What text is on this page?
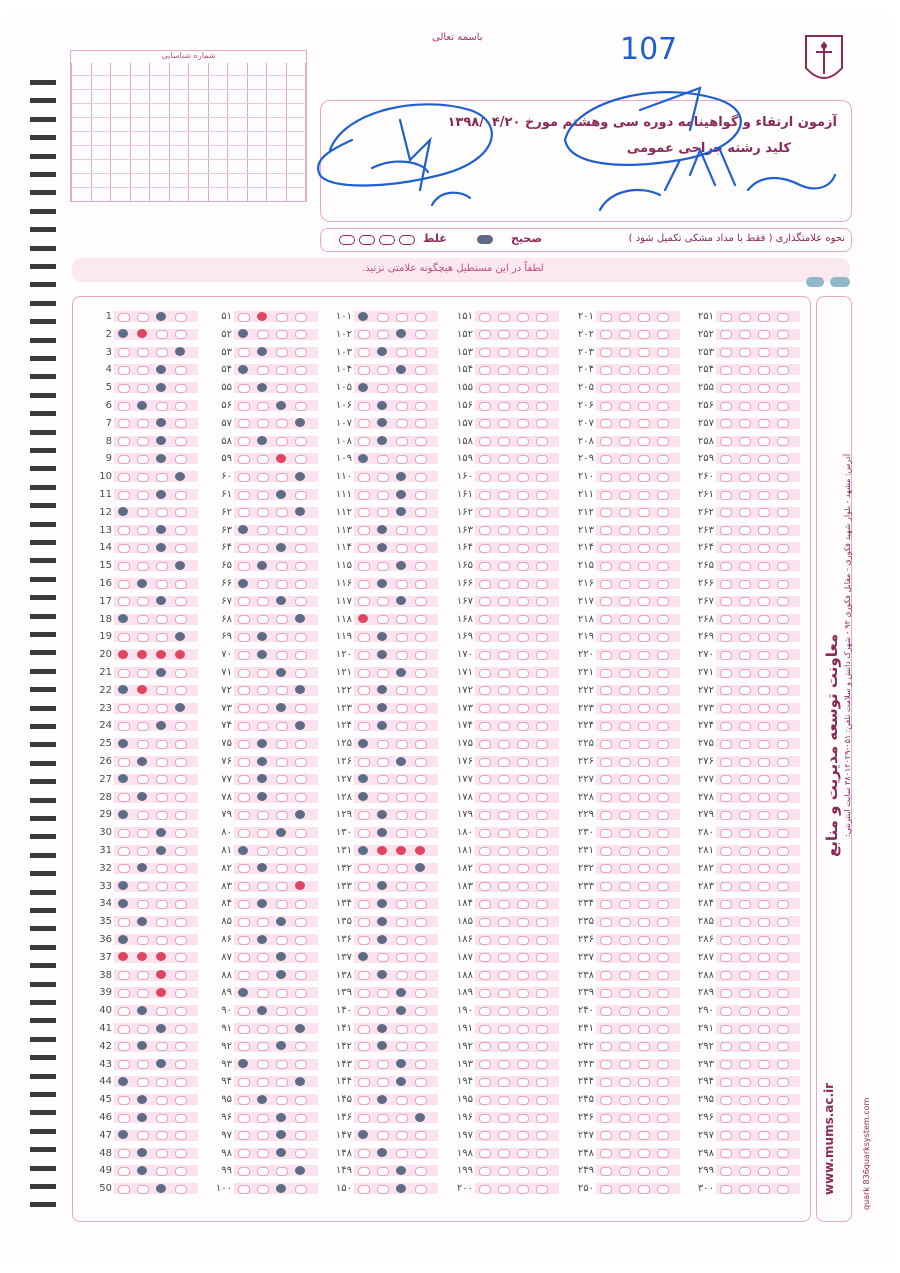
باسمه تعالی	107
شماره شناسایی
آزمون ارتقاء و گواهینامه دوره سی وهشتم مورخ ۱۳۹۸/۰۴/۲۰
کلید رشته جراحی عمومی
نحوه علامتگذاری ( فقط با مداد مشکی تکمیل شود )
صحیح
غلط
لطفاً در این مستطیل هیچگونه علامتی نزنید.
1
2
3
4
5
6
7
8
9
10
11
12
13
14
15
16
17
18
19
20
21
22
23
24
25
26
27
28
29
30
31
32
33
34
35
36
37
38
39
40
41
42
43
44
45
46
47
48
49
50
۵۱
۵۲
۵۳
۵۴
۵۵
۵۶
۵۷
۵۸
۵۹
۶۰
۶۱
۶۲
۶۳
۶۴
۶۵
۶۶
۶۷
۶۸
۶۹
۷۰
۷۱
۷۲
۷۳
۷۴
۷۵
۷۶
۷۷
۷۸
۷۹
۸۰
۸۱
۸۲
۸۳
۸۴
۸۵
۸۶
۸۷
۸۸
۸۹
۹۰
۹۱
۹۲
۹۳
۹۴
۹۵
۹۶
۹۷
۹۸
۹۹
۱۰۰
۱۰۱
۱۰۲
۱۰۳
۱۰۴
۱۰۵
۱۰۶
۱۰۷
۱۰۸
۱۰۹
۱۱۰
۱۱۱
۱۱۲
۱۱۳
۱۱۴
۱۱۵
۱۱۶
۱۱۷
۱۱۸
۱۱۹
۱۲۰
۱۲۱
۱۲۲
۱۲۳
۱۲۴
۱۲۵
۱۲۶
۱۲۷
۱۲۸
۱۲۹
۱۳۰
۱۳۱
۱۳۲
۱۳۳
۱۳۴
۱۳۵
۱۳۶
۱۳۷
۱۳۸
۱۳۹
۱۴۰
۱۴۱
۱۴۲
۱۴۳
۱۴۴
۱۴۵
۱۴۶
۱۴۷
۱۴۸
۱۴۹
۱۵۰
۱۵۱
۱۵۲
۱۵۳
۱۵۴
۱۵۵
۱۵۶
۱۵۷
۱۵۸
۱۵۹
۱۶۰
۱۶۱
۱۶۲
۱۶۳
۱۶۴
۱۶۵
۱۶۶
۱۶۷
۱۶۸
۱۶۹
۱۷۰
۱۷۱
۱۷۲
۱۷۳
۱۷۴
۱۷۵
۱۷۶
۱۷۷
۱۷۸
۱۷۹
۱۸۰
۱۸۱
۱۸۲
۱۸۳
۱۸۴
۱۸۵
۱۸۶
۱۸۷
۱۸۸
۱۸۹
۱۹۰
۱۹۱
۱۹۲
۱۹۳
۱۹۴
۱۹۵
۱۹۶
۱۹۷
۱۹۸
۱۹۹
۲۰۰
۲۰۱
۲۰۲
۲۰۳
۲۰۴
۲۰۵
۲۰۶
۲۰۷
۲۰۸
۲۰۹
۲۱۰
۲۱۱
۲۱۲
۲۱۳
۲۱۴
۲۱۵
۲۱۶
۲۱۷
۲۱۸
۲۱۹
۲۲۰
۲۲۱
۲۲۲
۲۲۳
۲۲۴
۲۲۵
۲۲۶
۲۲۷
۲۲۸
۲۲۹
۲۳۰
۲۳۱
۲۳۲
۲۳۳
۲۳۴
۲۳۵
۲۳۶
۲۳۷
۲۳۸
۲۳۹
۲۴۰
۲۴۱
۲۴۲
۲۴۳
۲۴۴
۲۴۵
۲۴۶
۲۴۷
۲۴۸
۲۴۹
۲۵۰
۲۵۱
۲۵۲
۲۵۳
۲۵۴
۲۵۵
۲۵۶
۲۵۷
۲۵۸
۲۵۹
۲۶۰
۲۶۱
۲۶۲
۲۶۳
۲۶۴
۲۶۵
۲۶۶
۲۶۷
۲۶۸
۲۶۹
۲۷۰
۲۷۱
۲۷۲
۲۷۳
۲۷۴
۲۷۵
۲۷۶
۲۷۷
۲۷۸
۲۷۹
۲۸۰
۲۸۱
۲۸۲
۲۸۳
۲۸۴
۲۸۵
۲۸۶
۲۸۷
۲۸۸
۲۸۹
۲۹۰
۲۹۱
۲۹۲
۲۹۳
۲۹۴
۲۹۵
۲۹۶
۲۹۷
۲۹۸
۲۹۹
۳۰۰
معاونت توسعه مدیریت و منابع آدرس: مشهد - بلوار شهید فکوری - مقابل فکوری ۹۲ - شهرک دانش و سلامت تلفن: ۰۵۱-۳۸۰۱۲۰۲۹ سایت اینترنتی:
www.mums.ac.ir	quark 836quarksystem.com
